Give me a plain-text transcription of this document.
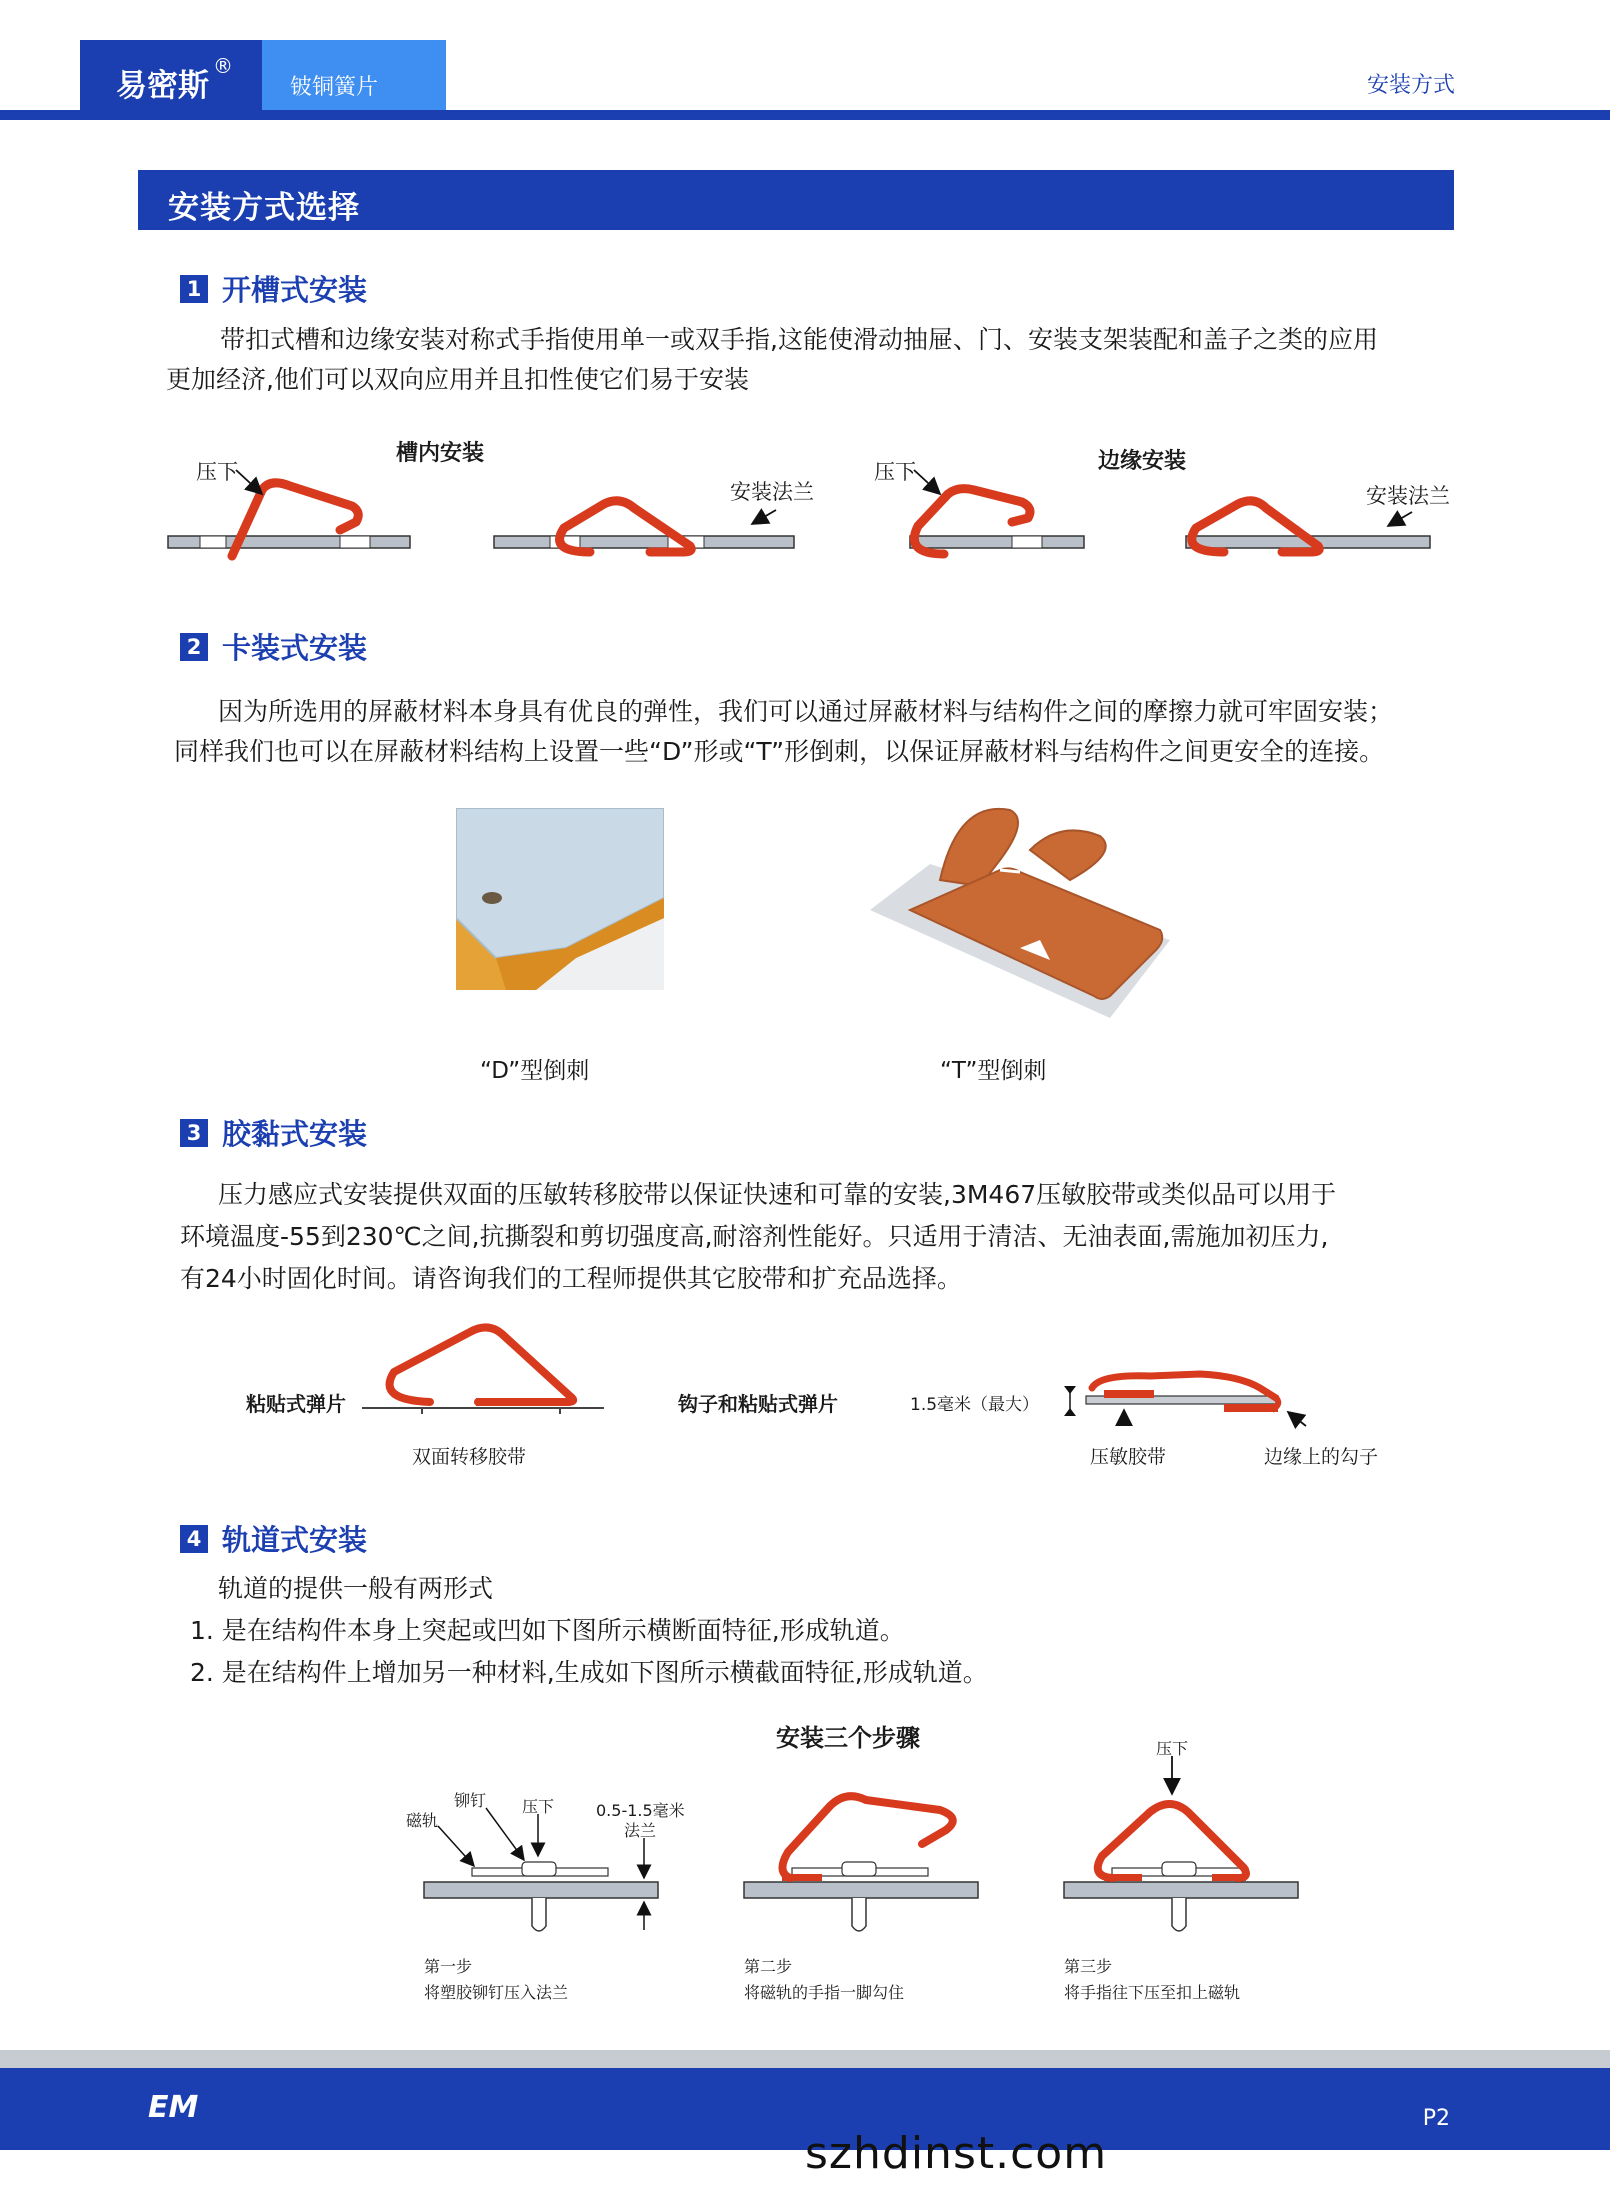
易密斯®
铍铜簧片	安装方式
安装方式选择
1 开槽式安装

带扣式槽和边缘安装对称式手指使用单一或双手指,这能使滑动抽屉、门、安装支架装配和盖子之类的应用

更加经济,他们可以双向应用并且扣性使它们易于安装

槽内安装	边缘安装
压下	压下
安装法兰	安装法兰
2 卡装式安装

因为所选用的屏蔽材料本身具有优良的弹性，我们可以通过屏蔽材料与结构件之间的摩擦力就可牢固安装；

同样我们也可以在屏蔽材料结构上设置一些“D”形或“T”形倒刺，以保证屏蔽材料与结构件之间更安全的连接。

“D”型倒刺	“T”型倒刺
3 胶黏式安装

压力感应式安装提供双面的压敏转移胶带以保证快速和可靠的安装,3M467压敏胶带或类似品可以用于

环境温度-55到230℃之间,抗撕裂和剪切强度高,耐溶剂性能好。只适用于清洁、无油表面,需施加初压力,

有24小时固化时间。请咨询我们的工程师提供其它胶带和扩充品选择。

粘贴式弹片
双面转移胶带
钩子和粘贴式弹片	1.5毫米（最大）
压敏胶带	边缘上的勾子
4 轨道式安装

轨道的提供一般有两形式

1. 是在结构件本身上突起或凹如下图所示横断面特征,形成轨道。

2. 是在结构件上增加另一种材料,生成如下图所示横截面特征,形成轨道。

安装三个步骤
磁轨
铆钉 压下	0.5-1.5毫米
法兰
压下
第一步
将塑胶铆钉压入法兰
第二步
将磁轨的手指一脚勾住
第三步
将手指往下压至扣上磁轨
EM	P2
szhdinst.com
